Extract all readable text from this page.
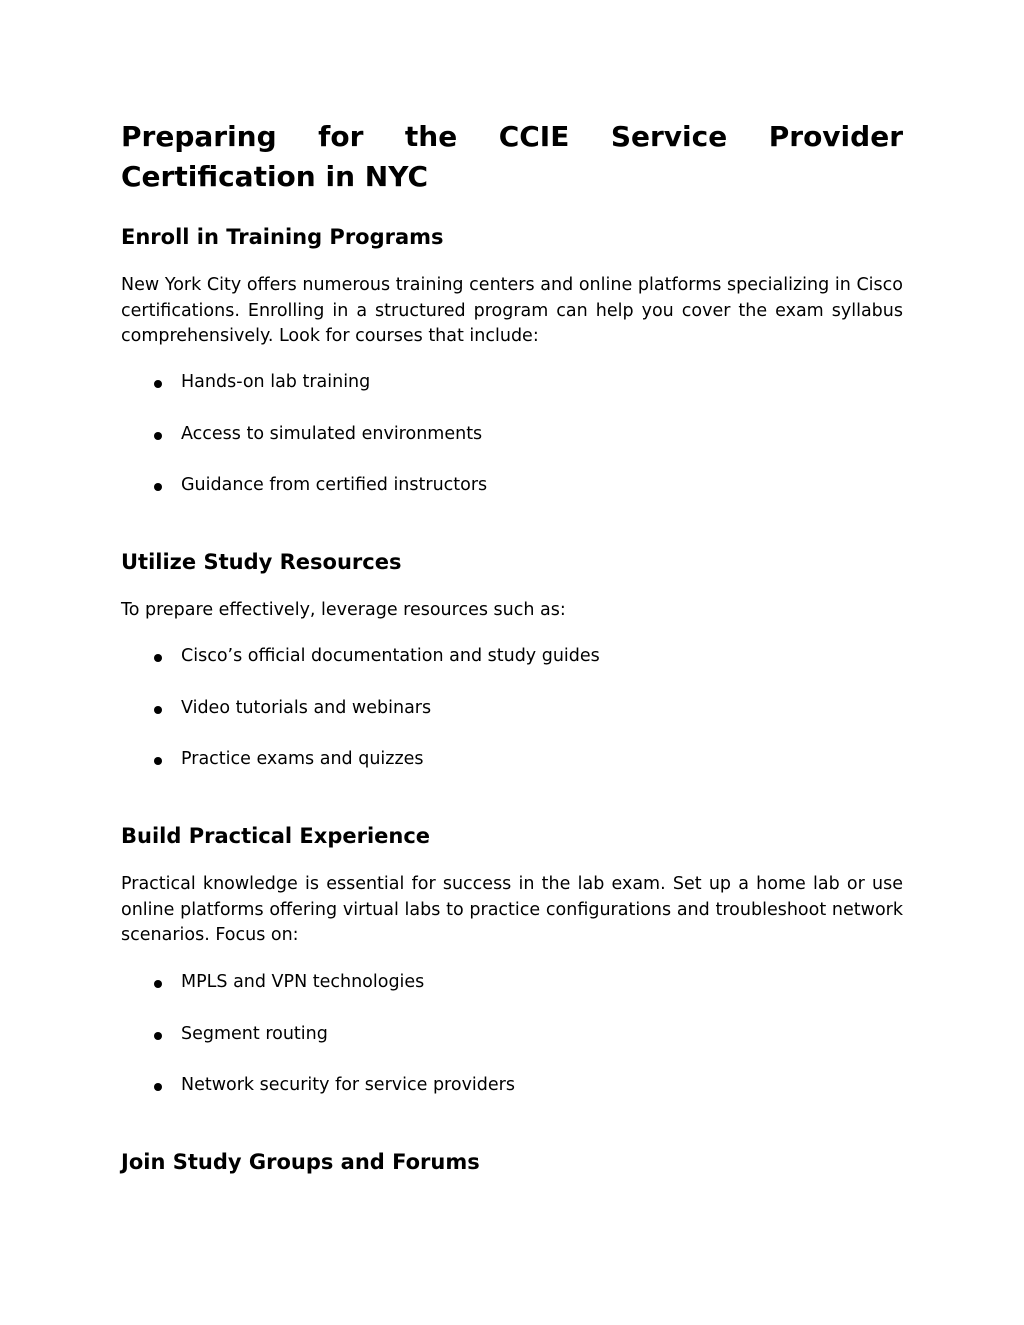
Preparing for the CCIE Service Provider Certification in NYC
Enroll in Training Programs

New York City offers numerous training centers and online platforms specializing in Cisco certifications. Enrolling in a structured program can help you cover the exam syllabus comprehensively. Look for courses that include:

Hands-on lab training
Access to simulated environments
Guidance from certified instructors
Utilize Study Resources

To prepare effectively, leverage resources such as:

Cisco’s official documentation and study guides
Video tutorials and webinars
Practice exams and quizzes
Build Practical Experience

Practical knowledge is essential for success in the lab exam. Set up a home lab or use online platforms offering virtual labs to practice configurations and troubleshoot network scenarios. Focus on:

MPLS and VPN technologies
Segment routing
Network security for service providers
Join Study Groups and Forums
